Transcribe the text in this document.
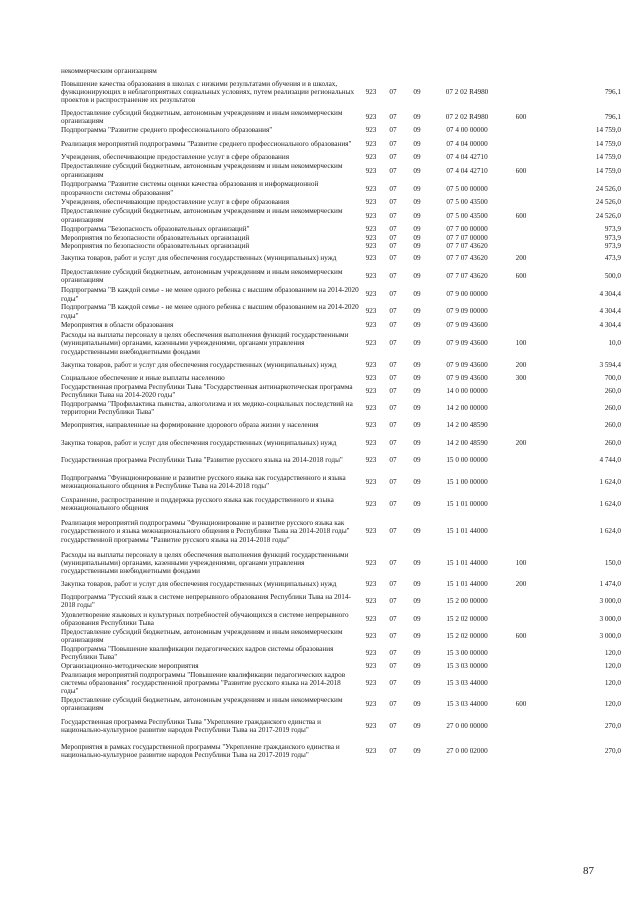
некоммерческим организациям						
Повышение качества образования в школах с низкими результатами обучения и в школах, функционирующих в неблагоприятных социальных условиях, путем реализации региональных проектов и распространение их результатов	923	07	09	07 2 02 R4980		796,1
Предоставление субсидий бюджетным, автономным учреждениям и иным некоммерческим организациям	923	07	09	07 2 02 R4980	600	796,1
Подпрограмма "Развитие среднего профессионального образования"	923	07	09	07 4 00 00000		14 759,0
Реализация мероприятий подпрограммы "Развитие среднего профессионального образования"	923	07	09	07 4 04 00000		14 759,0
Учреждения, обеспечивающие предоставление услуг в сфере образования	923	07	09	07 4 04 42710		14 759,0
Предоставление субсидий бюджетным, автономным учреждениям и иным некоммерческим организациям	923	07	09	07 4 04 42710	600	14 759,0
Подпрограмма "Развитие системы оценки качества образования и информационной прозрачности системы образования"	923	07	09	07 5 00 00000		24 526,0
Учреждения, обеспечивающие предоставление услуг в сфере образования	923	07	09	07 5 00 43500		24 526,0
Предоставление субсидий бюджетным, автономным учреждениям и иным некоммерческим организациям	923	07	09	07 5 00 43500	600	24 526,0
Подпрограмма "Безопасность образовательных организаций"	923	07	09	07 7 00 00000		973,9
Мероприятия по безопасности образовательных организаций	923	07	09	07 7 07 00000		973,9
Мероприятия по безопасности образовательных организаций	923	07	09	07 7 07 43620		973,9
Закупка товаров, работ и услуг для обеспечения государственных (муниципальных) нужд	923	07	09	07 7 07 43620	200	473,9
Предоставление субсидий бюджетным, автономным учреждениям и иным некоммерческим организациям	923	07	09	07 7 07 43620	600	500,0
Подпрограмма "В каждой семье - не менее одного ребенка с высшим образованием на 2014-2020 годы"	923	07	09	07 9 00 00000		4 304,4
Подпрограмма "В каждой семье - не менее одного ребенка с высшим образованием на 2014-2020 годы"	923	07	09	07 9 09 00000		4 304,4
Мероприятия в области образования	923	07	09	07 9 09 43600		4 304,4
Расходы на выплаты персоналу в целях обеспечения выполнения функций государственными (муниципальными) органами, казенными учреждениями, органами управления государственными внебюджетными фондами	923	07	09	07 9 09 43600	100	10,0
Закупка товаров, работ и услуг для обеспечения государственных (муниципальных) нужд	923	07	09	07 9 09 43600	200	3 594,4
Социальное обеспечение и иные выплаты населению	923	07	09	07 9 09 43600	300	700,0
Государственная программа Республики Тыва "Государственная антинаркотическая программа Республики Тыва на 2014-2020 годы"	923	07	09	14 0 00 00000		260,0
Подпрограмма "Профилактика пьянства, алкоголизма и их медико-социальных последствий на территории Республики Тыва"	923	07	09	14 2 00 00000		260,0
Мероприятия, направленные на формирование здорового образа жизни у населения	923	07	09	14 2 00 48590		260,0
Закупка товаров, работ и услуг для обеспечения государственных (муниципальных) нужд	923	07	09	14 2 00 48590	200	260,0
Государственная программа Республики Тыва "Развитие русского языка на 2014-2018 годы"	923	07	09	15 0 00 00000		4 744,0
Подпрограмма "Функционирование и развитие русского языка как государственного и языка межнационального общения в Республике Тыва на 2014-2018 годы"	923	07	09	15 1 00 00000		1 624,0
Сохранение, распространение и поддержка русского языка как государственного и языка межнационального общения	923	07	09	15 1 01 00000		1 624,0
Реализация мероприятий подпрограммы "Функционирование и развитие русского языка как государственного и языка межнационального общения в Республике Тыва на 2014-2018 годы" государственной программы "Развитие русского языка на 2014-2018 годы"	923	07	09	15 1 01 44000		1 624,0
Расходы на выплаты персоналу в целях обеспечения выполнения функций государственными (муниципальными) органами, казенными учреждениями, органами управления государственными внебюджетными фондами	923	07	09	15 1 01 44000	100	150,0
Закупка товаров, работ и услуг для обеспечения государственных (муниципальных) нужд	923	07	09	15 1 01 44000	200	1 474,0
Подпрограмма "Русский язык в системе непрерывного образования Республики Тыва на 2014-2018 годы"	923	07	09	15 2 00 00000		3 000,0
Удовлетворение языковых и культурных потребностей обучающихся в системе непрерывного образования Республики Тыва	923	07	09	15 2 02 00000		3 000,0
Предоставление субсидий бюджетным, автономным учреждениям и иным некоммерческим организациям	923	07	09	15 2 02 00000	600	3 000,0
Подпрограмма "Повышение квалификации педагогических кадров системы образования Республики Тыва"	923	07	09	15 3 00 00000		120,0
Организационно-методические мероприятия	923	07	09	15 3 03 00000		120,0
Реализация мероприятий подпрограммы "Повышение квалификации педагогических кадров системы образования" государственной программы "Развитие русского языка на 2014-2018 годы"	923	07	09	15 3 03 44000		120,0
Предоставление субсидий бюджетным, автономным учреждениям и иным некоммерческим организациям	923	07	09	15 3 03 44000	600	120,0
Государственная программа Республики Тыва "Укрепление гражданского единства и национально-культурное развитие народов Республики Тыва на 2017-2019 годы"	923	07	09	27 0 00 00000		270,0
Мероприятия в рамках государственной программы "Укрепление гражданского единства и национально-культурное развитие народов Республики Тыва на 2017-2019 годы"	923	07	09	27 0 00 02000		270,0
87
